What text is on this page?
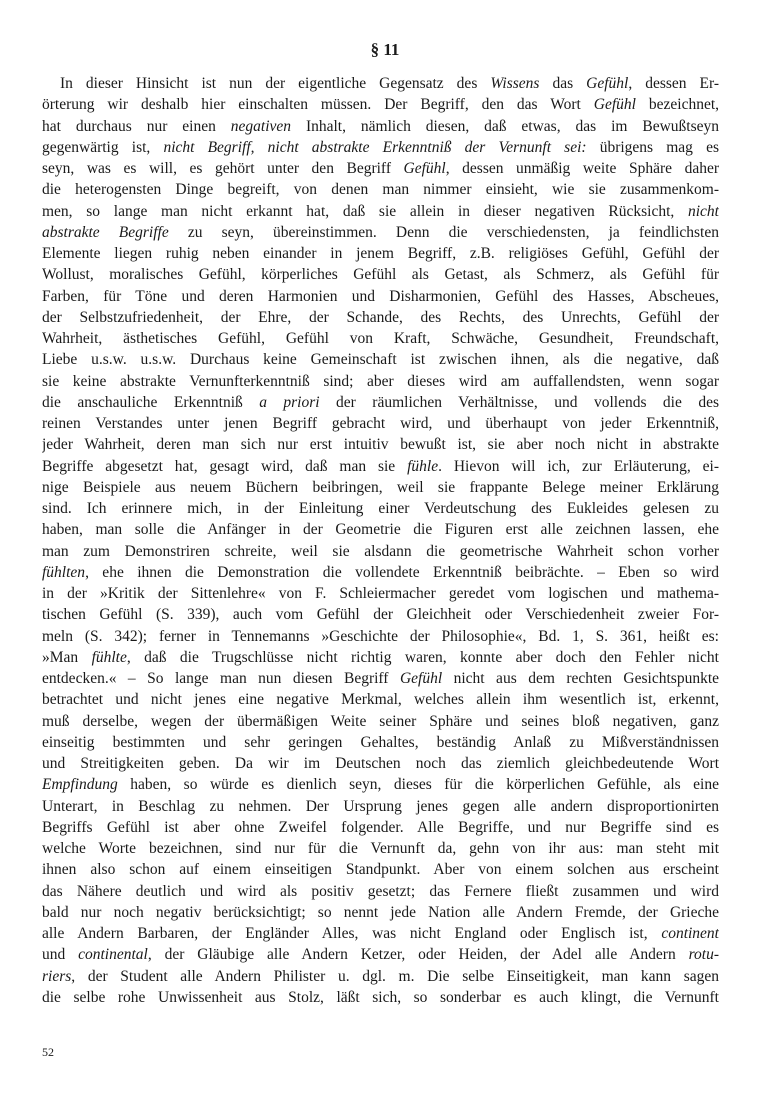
§ 11
In dieser Hinsicht ist nun der eigentliche Gegensatz des Wissens das Gefühl, dessen Er-
örterung wir deshalb hier einschalten müssen. Der Begriff, den das Wort Gefühl bezeichnet,
hat durchaus nur einen negativen Inhalt, nämlich diesen, daß etwas, das im Bewußtseyn
gegenwärtig ist, nicht Begriff, nicht abstrakte Erkenntniß der Vernunft sei: übrigens mag es
seyn, was es will, es gehört unter den Begriff Gefühl, dessen unmäßig weite Sphäre daher
die heterogensten Dinge begreift, von denen man nimmer einsieht, wie sie zusammenkom-
men, so lange man nicht erkannt hat, daß sie allein in dieser negativen Rücksicht, nicht
abstrakte Begriffe zu seyn, übereinstimmen. Denn die verschiedensten, ja feindlichsten
Elemente liegen ruhig neben einander in jenem Begriff, z.B. religiöses Gefühl, Gefühl der
Wollust, moralisches Gefühl, körperliches Gefühl als Getast, als Schmerz, als Gefühl für
Farben, für Töne und deren Harmonien und Disharmonien, Gefühl des Hasses, Abscheues,
der Selbstzufriedenheit, der Ehre, der Schande, des Rechts, des Unrechts, Gefühl der
Wahrheit, ästhetisches Gefühl, Gefühl von Kraft, Schwäche, Gesundheit, Freundschaft,
Liebe u.s.w. u.s.w. Durchaus keine Gemeinschaft ist zwischen ihnen, als die negative, daß
sie keine abstrakte Vernunfterkenntniß sind; aber dieses wird am auffallendsten, wenn sogar
die anschauliche Erkenntniß a priori der räumlichen Verhältnisse, und vollends die des
reinen Verstandes unter jenen Begriff gebracht wird, und überhaupt von jeder Erkenntniß,
jeder Wahrheit, deren man sich nur erst intuitiv bewußt ist, sie aber noch nicht in abstrakte
Begriffe abgesetzt hat, gesagt wird, daß man sie fühle. Hievon will ich, zur Erläuterung, ei-
nige Beispiele aus neuem Büchern beibringen, weil sie frappante Belege meiner Erklärung
sind. Ich erinnere mich, in der Einleitung einer Verdeutschung des Eukleides gelesen zu
haben, man solle die Anfänger in der Geometrie die Figuren erst alle zeichnen lassen, ehe
man zum Demonstriren schreite, weil sie alsdann die geometrische Wahrheit schon vorher
fühlten, ehe ihnen die Demonstration die vollendete Erkenntniß beibrächte. – Eben so wird
in der »Kritik der Sittenlehre« von F. Schleiermacher geredet vom logischen und mathema-
tischen Gefühl (S. 339), auch vom Gefühl der Gleichheit oder Verschiedenheit zweier For-
meln (S. 342); ferner in Tennemanns »Geschichte der Philosophie«, Bd. 1, S. 361, heißt es:
»Man fühlte, daß die Trugschlüsse nicht richtig waren, konnte aber doch den Fehler nicht
entdecken.« – So lange man nun diesen Begriff Gefühl nicht aus dem rechten Gesichtspunkte
betrachtet und nicht jenes eine negative Merkmal, welches allein ihm wesentlich ist, erkennt,
muß derselbe, wegen der übermäßigen Weite seiner Sphäre und seines bloß negativen, ganz
einseitig bestimmten und sehr geringen Gehaltes, beständig Anlaß zu Mißverständnissen
und Streitigkeiten geben. Da wir im Deutschen noch das ziemlich gleichbedeutende Wort
Empfindung haben, so würde es dienlich seyn, dieses für die körperlichen Gefühle, als eine
Unterart, in Beschlag zu nehmen. Der Ursprung jenes gegen alle andern disproportionirten
Begriffs Gefühl ist aber ohne Zweifel folgender. Alle Begriffe, und nur Begriffe sind es
welche Worte bezeichnen, sind nur für die Vernunft da, gehn von ihr aus: man steht mit
ihnen also schon auf einem einseitigen Standpunkt. Aber von einem solchen aus erscheint
das Nähere deutlich und wird als positiv gesetzt; das Fernere fließt zusammen und wird
bald nur noch negativ berücksichtigt; so nennt jede Nation alle Andern Fremde, der Grieche
alle Andern Barbaren, der Engländer Alles, was nicht England oder Englisch ist, continent
und continental, der Gläubige alle Andern Ketzer, oder Heiden, der Adel alle Andern rotu-
riers, der Student alle Andern Philister u. dgl. m. Die selbe Einseitigkeit, man kann sagen
die selbe rohe Unwissenheit aus Stolz, läßt sich, so sonderbar es auch klingt, die Vernunft
52
